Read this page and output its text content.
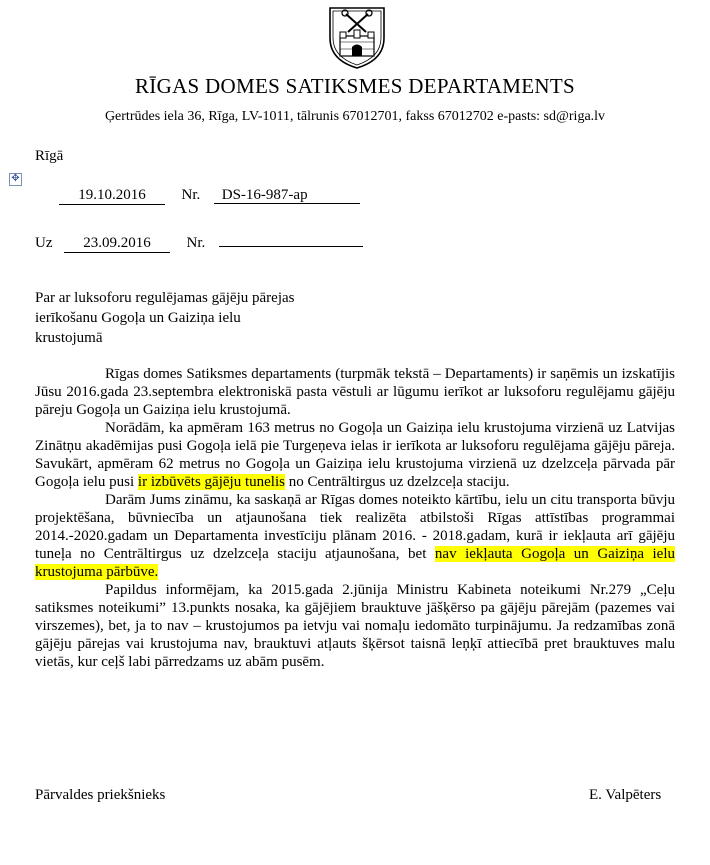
RĪGAS DOMES SATIKSMES DEPARTAMENTS
Ģertrūdes iela 36, Rīga, LV-1011, tālrunis 67012701, fakss 67012702 e-pasts: sd@riga.lv
Rīgā
✥
19.10.2016 Nr. DS-16-987-ap
Uz 23.09.2016 Nr.
Par ar luksoforu regulējamas gājēju pārejas
ierīkošanu Gogoļa un Gaiziņa ielu
krustojumā

Rīgas domes Satiksmes departaments (turpmāk tekstā – Departaments) ir saņēmis un izskatījis Jūsu 2016.gada 23.septembra elektroniskā pasta vēstuli ar lūgumu ierīkot ar luksoforu regulējamu gājēju pāreju Gogoļa un Gaiziņa ielu krustojumā.

Norādām, ka apmēram 163 metrus no Gogoļa un Gaiziņa ielu krustojuma virzienā uz Latvijas Zinātņu akadēmijas pusi Gogoļa ielā pie Turgeņeva ielas ir ierīkota ar luksoforu regulējama gājēju pāreja. Savukārt, apmēram 62 metrus no Gogoļa un Gaiziņa ielu krustojuma virzienā uz dzelzceļa pārvada pār Gogoļa ielu pusi ir izbūvēts gājēju tunelis no Centrāltirgus uz dzelzceļa staciju.

Darām Jums zināmu, ka saskaņā ar Rīgas domes noteikto kārtību, ielu un citu transporta būvju projektēšana, būvniecība un atjaunošana tiek realizēta atbilstoši Rīgas attīstības programmai 2014.-2020.gadam un Departamenta investīciju plānam 2016. - 2018.gadam, kurā ir iekļauta arī gājēju tuneļa no Centrāltirgus uz dzelzceļa staciju atjaunošana, bet nav iekļauta Gogoļa un Gaiziņa ielu krustojuma pārbūve.

Papildus informējam, ka 2015.gada 2.jūnija Ministru Kabineta noteikumi Nr.279 „Ceļu satiksmes noteikumi” 13.punkts nosaka, ka gājējiem brauktuve jāšķērso pa gājēju pārejām (pazemes vai virszemes), bet, ja to nav – krustojumos pa ietvju vai nomaļu iedomāto turpinājumu. Ja redzamības zonā gājēju pārejas vai krustojuma nav, brauktuvi atļauts šķērsot taisnā leņķī attiecībā pret brauktuves malu vietās, kur ceļš labi pārredzams uz abām pusēm.

Pārvaldes priekšnieks	E. Valpēters
